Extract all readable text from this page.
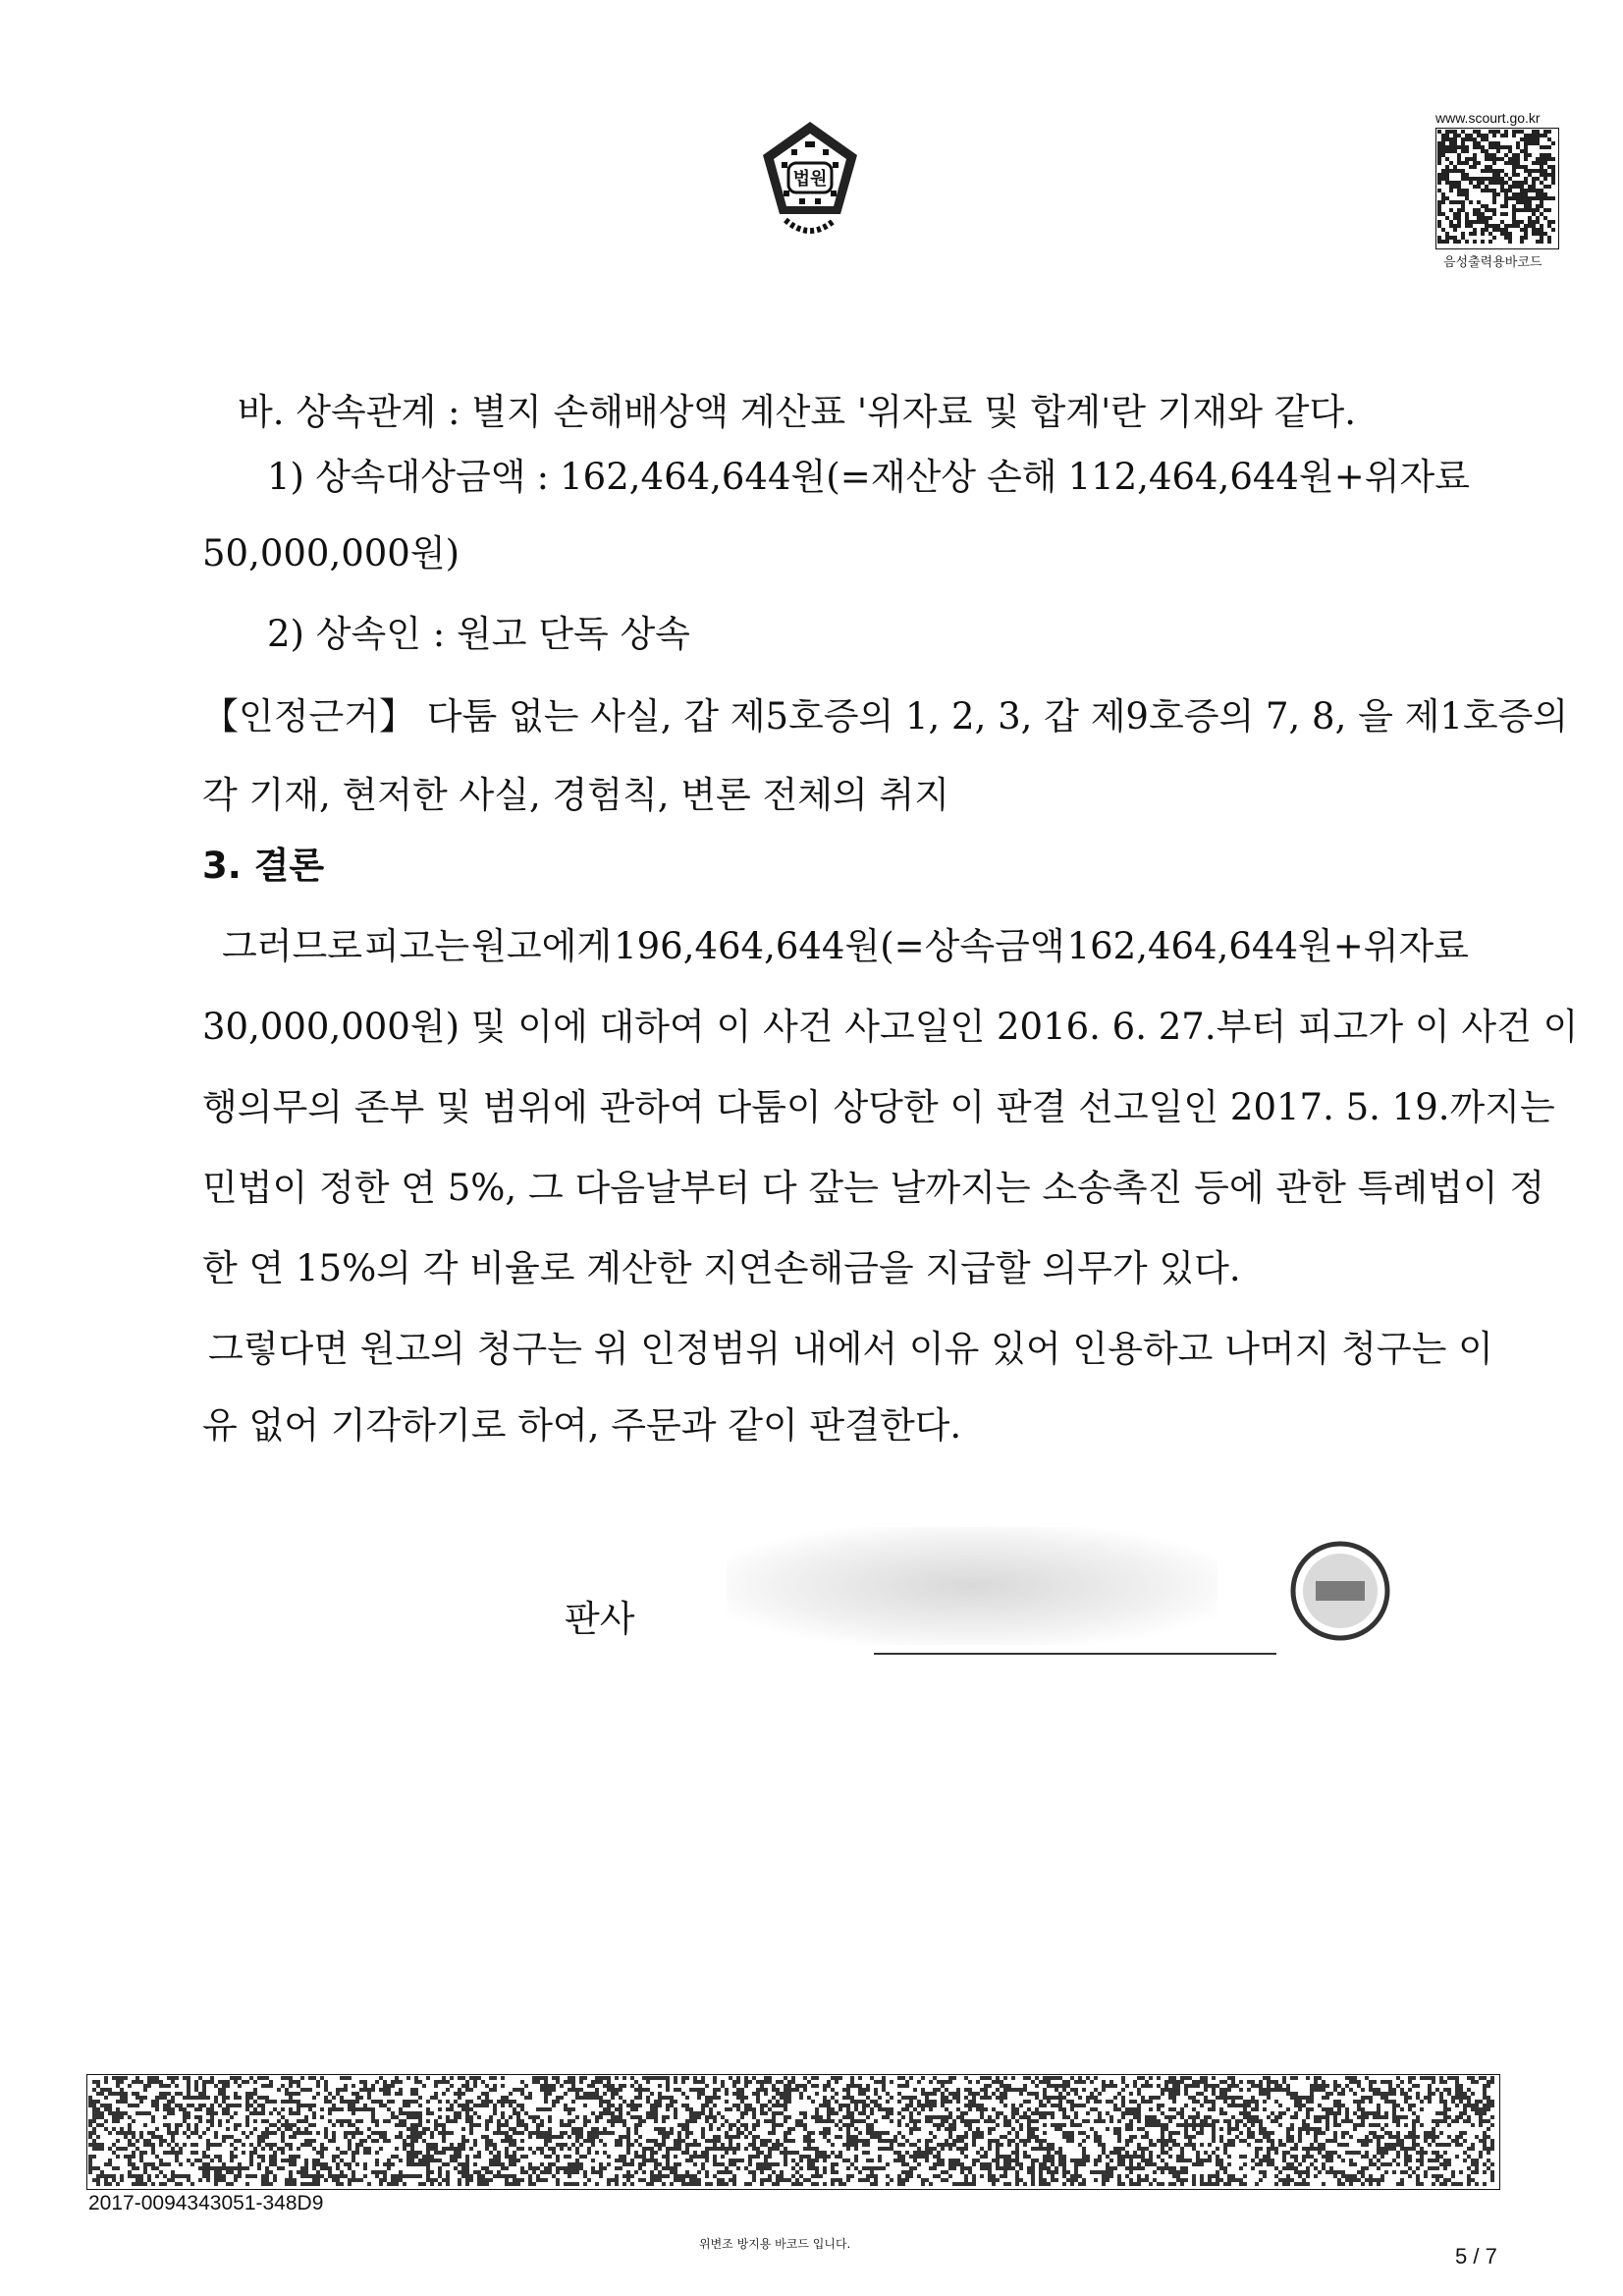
법원
www.scourt.go.kr
음성출력용바코드
바. 상속관계 : 별지 손해배상액 계산표 '위자료 및 합계'란 기재와 같다.
1) 상속대상금액 : 162,464,644원(=재산상 손해 112,464,644원+위자료
50,000,000원)
2) 상속인 : 원고 단독 상속
【인정근거】 다툼 없는 사실, 갑 제5호증의 1, 2, 3, 갑 제9호증의 7, 8, 을 제1호증의
각 기재, 현저한 사실, 경험칙, 변론 전체의 취지
3. 결론
그러므로 피고는 원고에게 196,464,644원(=상속금액 162,464,644원+위자료
30,000,000원) 및 이에 대하여 이 사건 사고일인 2016. 6. 27.부터 피고가 이 사건 이
행의무의 존부 및 범위에 관하여 다툼이 상당한 이 판결 선고일인 2017. 5. 19.까지는
민법이 정한 연 5%, 그 다음날부터 다 갚는 날까지는 소송촉진 등에 관한 특례법이 정
한 연 15%의 각 비율로 계산한 지연손해금을 지급할 의무가 있다.
그렇다면 원고의 청구는 위 인정범위 내에서 이유 있어 인용하고 나머지 청구는 이
유 없어 기각하기로 하여, 주문과 같이 판결한다.
판사
2017-0094343051-348D9
위변조 방지용 바코드 입니다.	5 / 7
